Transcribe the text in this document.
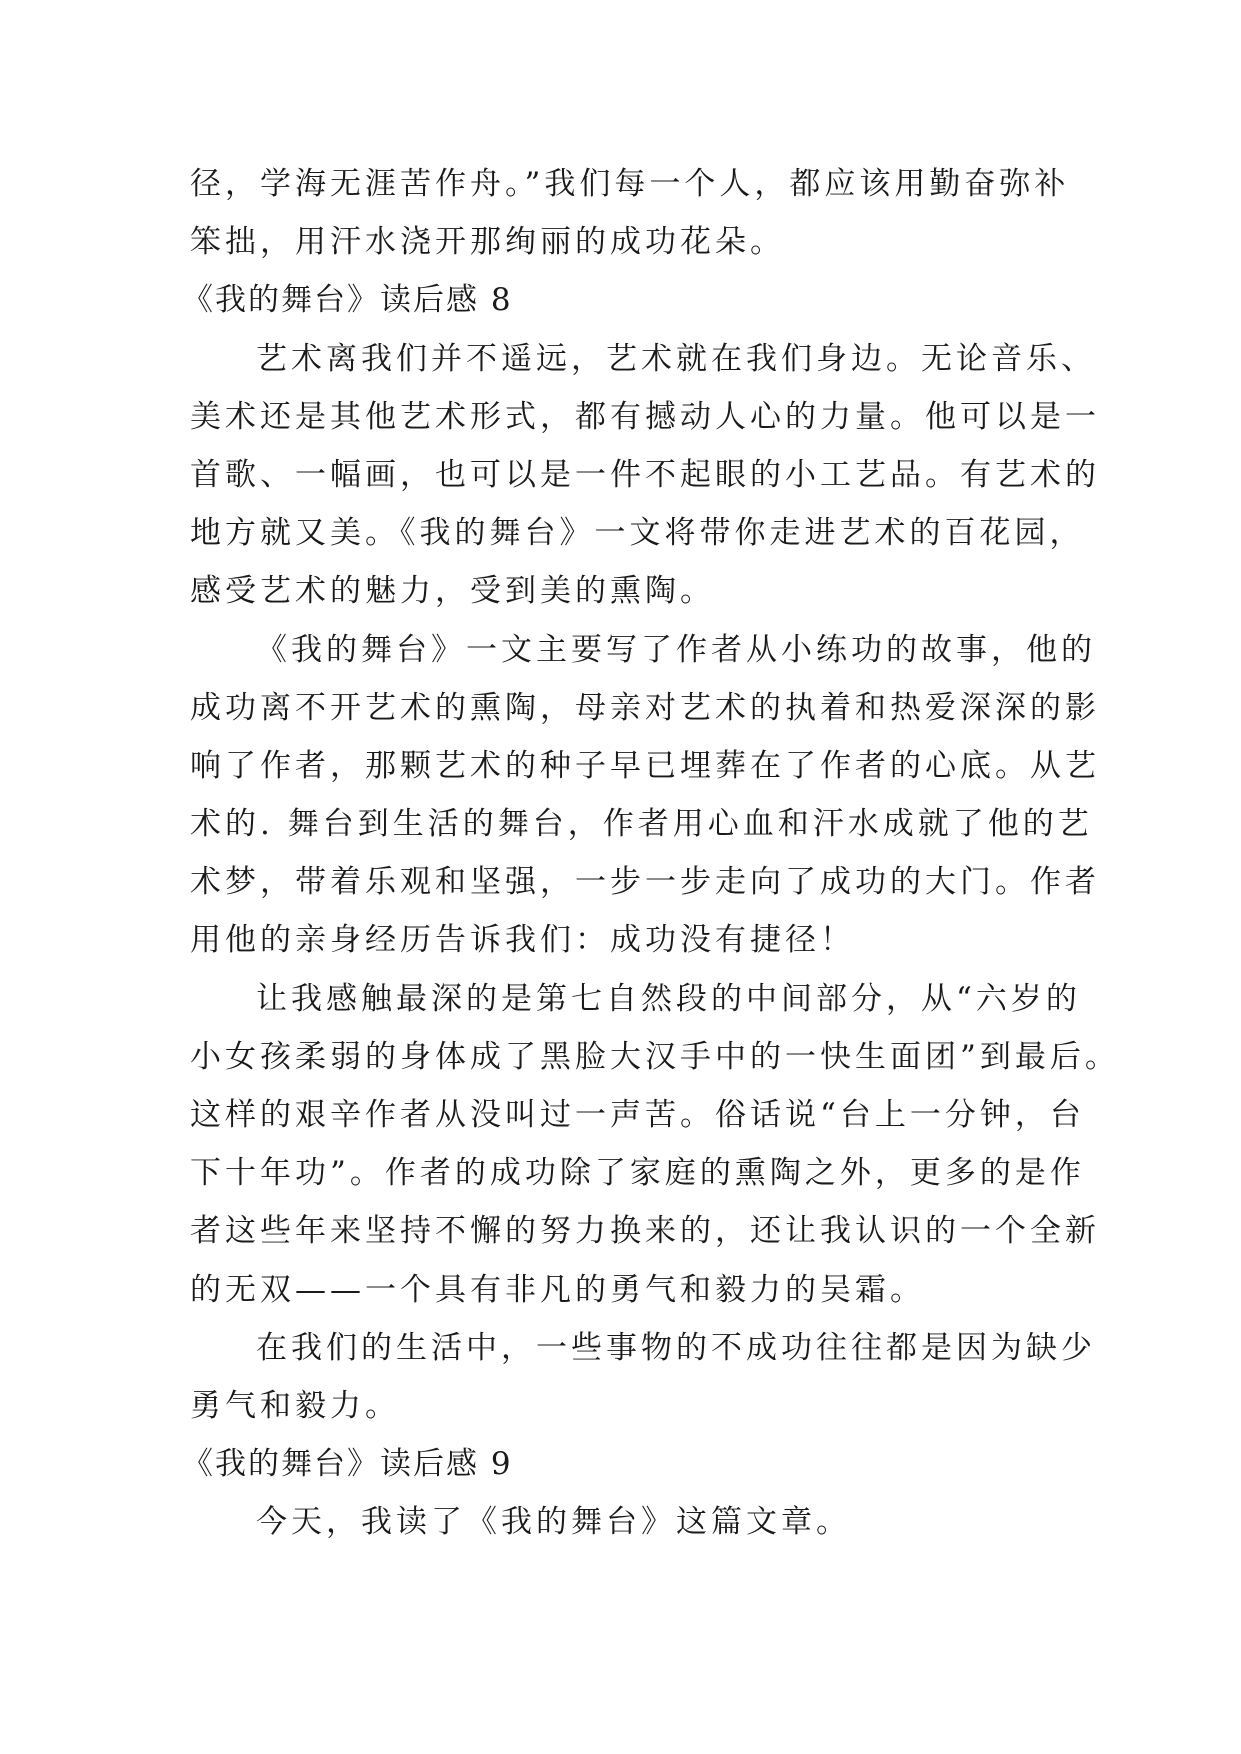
径，学海无涯苦作舟。”我们每一个人，都应该用勤奋弥补
笨拙，用汗水浇开那绚丽的成功花朵。
《我的舞台》读后感 8
艺术离我们并不遥远，艺术就在我们身边。无论音乐、
美术还是其他艺术形式，都有撼动人心的力量。他可以是一
首歌、一幅画，也可以是一件不起眼的小工艺品。有艺术的
地方就又美。《我的舞台》一文将带你走进艺术的百花园，
感受艺术的魅力，受到美的熏陶。
《我的舞台》一文主要写了作者从小练功的故事，他的
成功离不开艺术的熏陶，母亲对艺术的执着和热爱深深的影
响了作者，那颗艺术的种子早已埋葬在了作者的心底。从艺
术的. 舞台到生活的舞台，作者用心血和汗水成就了他的艺
术梦，带着乐观和坚强，一步一步走向了成功的大门。作者
用他的亲身经历告诉我们：成功没有捷径！
让我感触最深的是第七自然段的中间部分，从“六岁的
小女孩柔弱的身体成了黑脸大汉手中的一快生面团”到最后。
这样的艰辛作者从没叫过一声苦。俗话说“台上一分钟，台
下十年功”。作者的成功除了家庭的熏陶之外，更多的是作
者这些年来坚持不懈的努力换来的，还让我认识的一个全新
的无双——一个具有非凡的勇气和毅力的吴霜。
在我们的生活中，一些事物的不成功往往都是因为缺少
勇气和毅力。
《我的舞台》读后感 9
今天，我读了《我的舞台》这篇文章。
